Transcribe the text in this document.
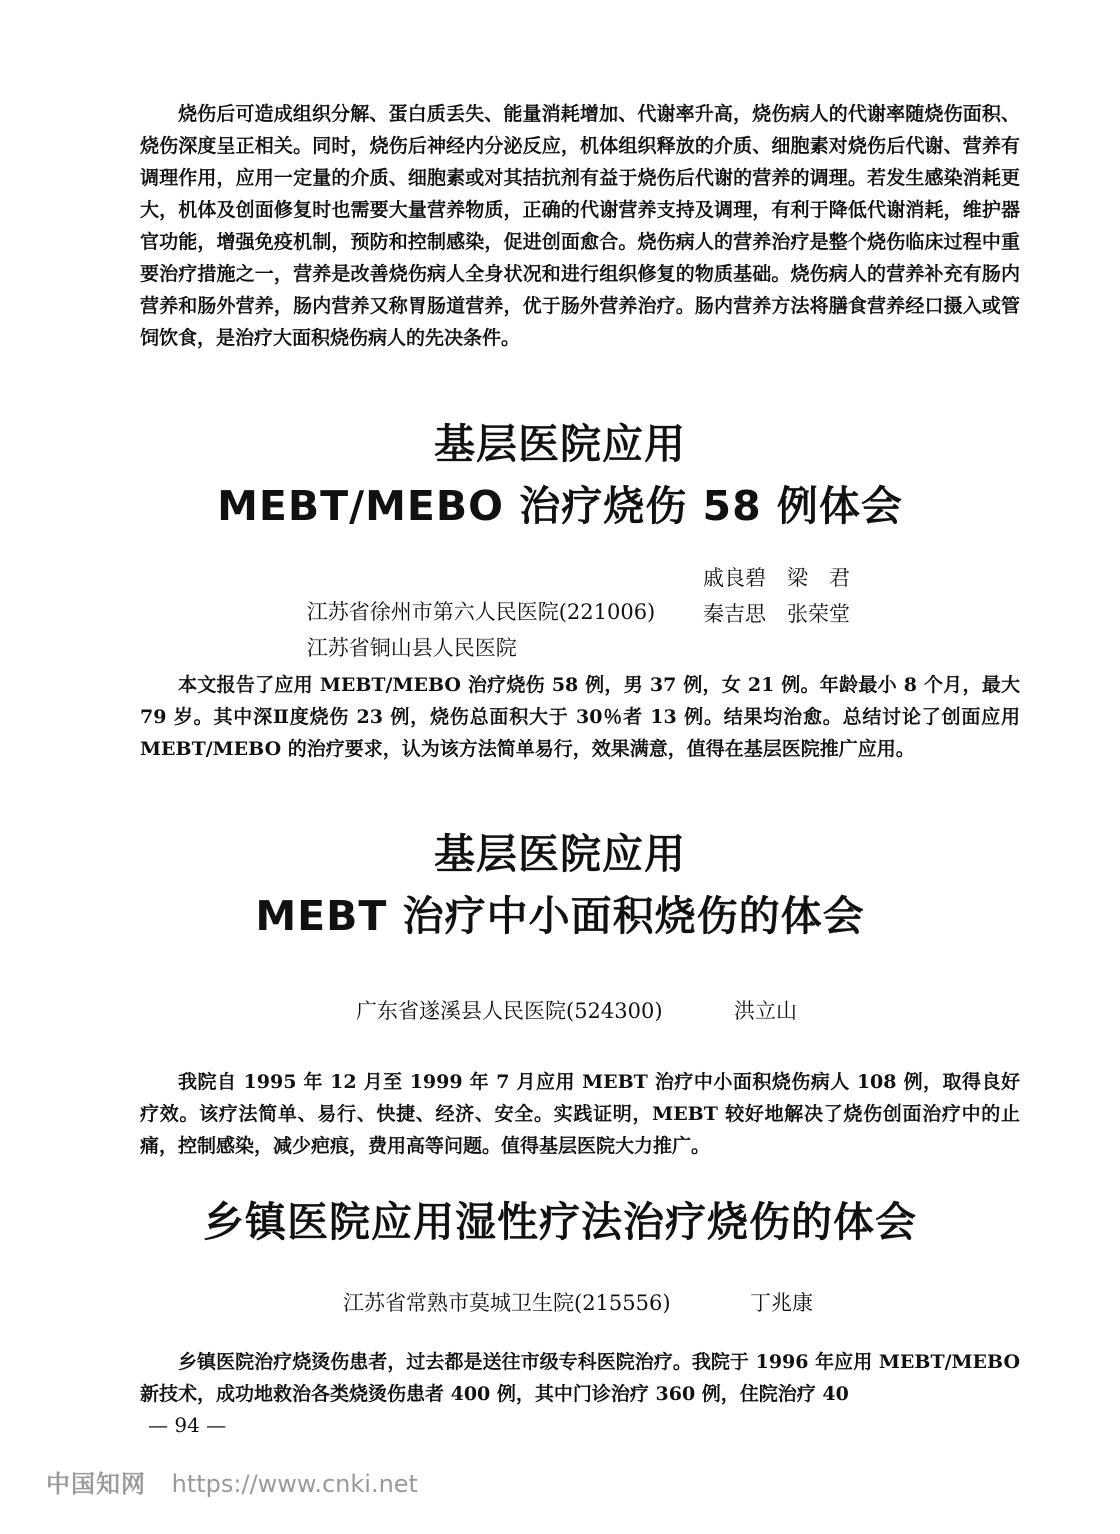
烧伤后可造成组织分解、蛋白质丢失、能量消耗增加、代谢率升高，烧伤病人的代谢率随烧伤面积、烧伤深度呈正相关。同时，烧伤后神经内分泌反应，机体组织释放的介质、细胞素对烧伤后代谢、营养有调理作用，应用一定量的介质、细胞素或对其拮抗剂有益于烧伤后代谢的营养的调理。若发生感染消耗更大，机体及创面修复时也需要大量营养物质，正确的代谢营养支持及调理，有利于降低代谢消耗，维护器官功能，增强免疫机制，预防和控制感染，促进创面愈合。烧伤病人的营养治疗是整个烧伤临床过程中重要治疗措施之一，营养是改善烧伤病人全身状况和进行组织修复的物质基础。烧伤病人的营养补充有肠内营养和肠外营养，肠内营养又称胃肠道营养，优于肠外营养治疗。肠内营养方法将膳食营养经口摄入或管饲饮食，是治疗大面积烧伤病人的先决条件。

基层医院应用
MEBT/MEBO 治疗烧伤 58 例体会

江苏省徐州市第六人民医院(221006)

戚良碧　梁　君

江苏省铜山县人民医院

秦吉思　张荣堂

本文报告了应用 MEBT/MEBO 治疗烧伤 58 例，男 37 例，女 21 例。年龄最小 8 个月，最大 79 岁。其中深Ⅱ度烧伤 23 例，烧伤总面积大于 30％者 13 例。结果均治愈。总结讨论了创面应用 MEBT/MEBO 的治疗要求，认为该方法简单易行，效果满意，值得在基层医院推广应用。

基层医院应用
MEBT 治疗中小面积烧伤的体会
广东省遂溪县人民医院(524300)	洪立山

我院自 1995 年 12 月至 1999 年 7 月应用 MEBT 治疗中小面积烧伤病人 108 例，取得良好疗效。该疗法简单、易行、快捷、经济、安全。实践证明，MEBT 较好地解决了烧伤创面治疗中的止痛，控制感染，减少疤痕，费用高等问题。值得基层医院大力推广。

乡镇医院应用湿性疗法治疗烧伤的体会
江苏省常熟市莫城卫生院(215556)	丁兆康

乡镇医院治疗烧烫伤患者，过去都是送往市级专科医院治疗。我院于 1996 年应用 MEBT/MEBO 新技术，成功地救治各类烧烫伤患者 400 例，其中门诊治疗 360 例，住院治疗 40

— 94 —
中国知网 https://www.cnki.net
